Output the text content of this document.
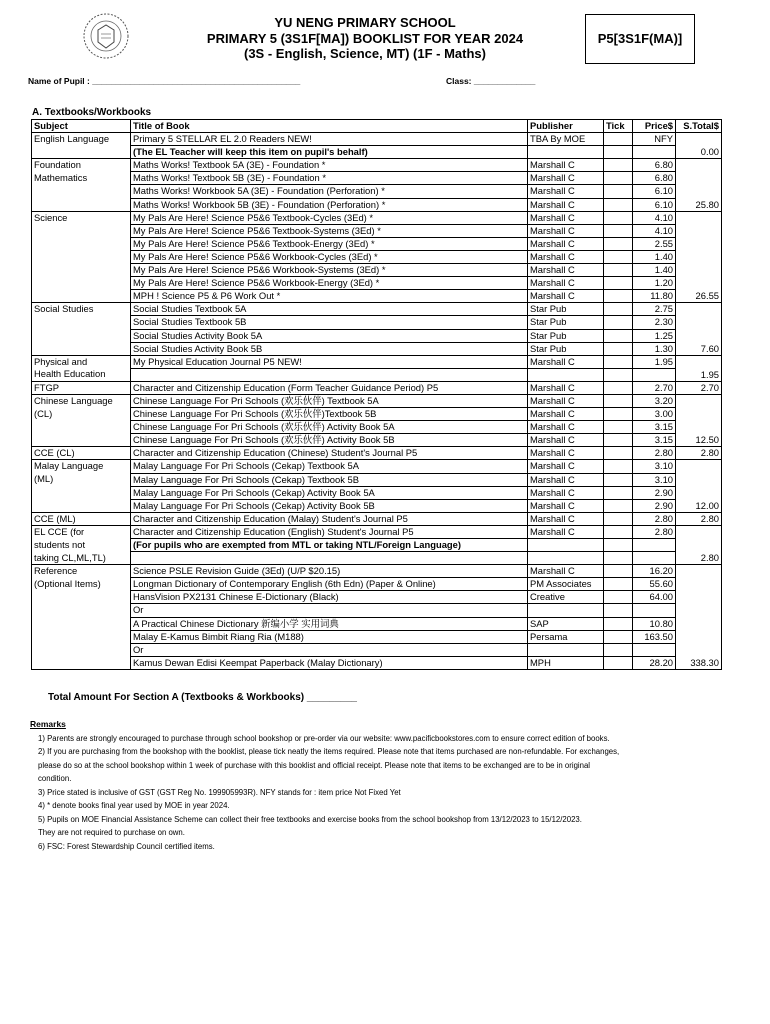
YU NENG PRIMARY SCHOOL
PRIMARY 5 (3S1F[MA]) BOOKLIST FOR YEAR 2024
(3S - English, Science, MT) (1F - Maths)
P5[3S1F(MA)]
Name of Pupil : ____________________________________________	Class: _____________
A. Textbooks/Workbooks
Subject	Title of Book	Publisher	Tick	Price$	S.Total$
English Language	Primary 5 STELLAR EL 2.0 Readers NEW!	TBA By MOE		NFY	
	(The EL Teacher will keep this item on pupil's behalf)				0.00
Foundation	Maths Works! Textbook 5A (3E) - Foundation *	Marshall C		6.80	
Mathematics	Maths Works! Textbook 5B (3E) - Foundation *	Marshall C		6.80	
	Maths Works! Workbook 5A (3E) - Foundation (Perforation) *	Marshall C		6.10	
	Maths Works! Workbook 5B (3E) - Foundation (Perforation) *	Marshall C		6.10	25.80
Science	My Pals Are Here! Science P5&6 Textbook-Cycles (3Ed) *	Marshall C		4.10	
	My Pals Are Here! Science P5&6 Textbook-Systems (3Ed) *	Marshall C		4.10	
	My Pals Are Here! Science P5&6 Textbook-Energy (3Ed) *	Marshall C		2.55	
	My Pals Are Here! Science P5&6 Workbook-Cycles (3Ed) *	Marshall C		1.40	
	My Pals Are Here! Science P5&6 Workbook-Systems (3Ed) *	Marshall C		1.40	
	My Pals Are Here! Science P5&6 Workbook-Energy (3Ed) *	Marshall C		1.20	
	MPH ! Science P5 & P6 Work Out *	Marshall C		11.80	26.55
Social Studies	Social Studies Textbook 5A	Star Pub		2.75	
	Social Studies Textbook 5B	Star Pub		2.30	
	Social Studies Activity Book 5A	Star Pub		1.25	
	Social Studies Activity Book 5B	Star Pub		1.30	7.60
Physical and	My Physical Education Journal P5 NEW!	Marshall C		1.95	
Health Education					1.95
FTGP	Character and Citizenship Education (Form Teacher Guidance Period) P5	Marshall C		2.70	2.70
Chinese Language	Chinese Language For Pri Schools (欢乐伙伴) Textbook 5A	Marshall C		3.20	
(CL)	Chinese Language For Pri Schools (欢乐伙伴)Textbook 5B	Marshall C		3.00	
	Chinese Language For Pri Schools (欢乐伙伴) Activity Book 5A	Marshall C		3.15	
	Chinese Language For Pri Schools (欢乐伙伴) Activity Book 5B	Marshall C		3.15	12.50
CCE (CL)	Character and Citizenship Education (Chinese) Student's Journal P5	Marshall C		2.80	2.80
Malay Language	Malay Language For Pri Schools (Cekap) Textbook 5A	Marshall C		3.10	
(ML)	Malay Language For Pri Schools (Cekap) Textbook 5B	Marshall C		3.10	
	Malay Language For Pri Schools (Cekap) Activity Book 5A	Marshall C		2.90	
	Malay Language For Pri Schools (Cekap) Activity Book 5B	Marshall C		2.90	12.00
CCE (ML)	Character and Citizenship Education (Malay) Student's Journal P5	Marshall C		2.80	2.80
EL CCE (for	Character and Citizenship Education (English) Student's Journal P5	Marshall C		2.80	
students not	(For pupils who are exempted from MTL or taking NTL/Foreign Language)				
taking CL,ML,TL)					2.80
Reference	Science PSLE Revision Guide (3Ed) (U/P $20.15)	Marshall C		16.20	
(Optional Items)	Longman Dictionary of Contemporary English (6th Edn) (Paper & Online)	PM Associates		55.60	
	HansVision PX2131 Chinese E-Dictionary (Black)	Creative		64.00	
	Or				
	A Practical Chinese Dictionary 新编小学 实用词典	SAP		10.80	
	Malay E-Kamus Bimbit Riang Ria (M188)	Persama		163.50	
	Or				
	Kamus Dewan Edisi Keempat Paperback (Malay Dictionary)	MPH		28.20	338.30
Total Amount For Section A (Textbooks & Workbooks) _________
Remarks
1) Parents are strongly encouraged to purchase through school bookshop or pre-order via our website: www.pacificbookstores.com to ensure correct edition of books.
2) If you are purchasing from the bookshop with the booklist, please tick neatly the items required. Please note that items purchased are non-refundable. For exchanges,
please do so at the school bookshop within 1 week of purchase with this booklist and official receipt. Please note that items to be exchanged are to be in original
condition.
3) Price stated is inclusive of GST (GST Reg No. 199905993R). NFY stands for : item price Not Fixed Yet
4) * denote books final year used by MOE in year 2024.
5) Pupils on MOE Financial Assistance Scheme can collect their free textbooks and exercise books from the school bookshop from 13/12/2023 to 15/12/2023.
They are not required to purchase on own.
6) FSC: Forest Stewardship Council certified items.
